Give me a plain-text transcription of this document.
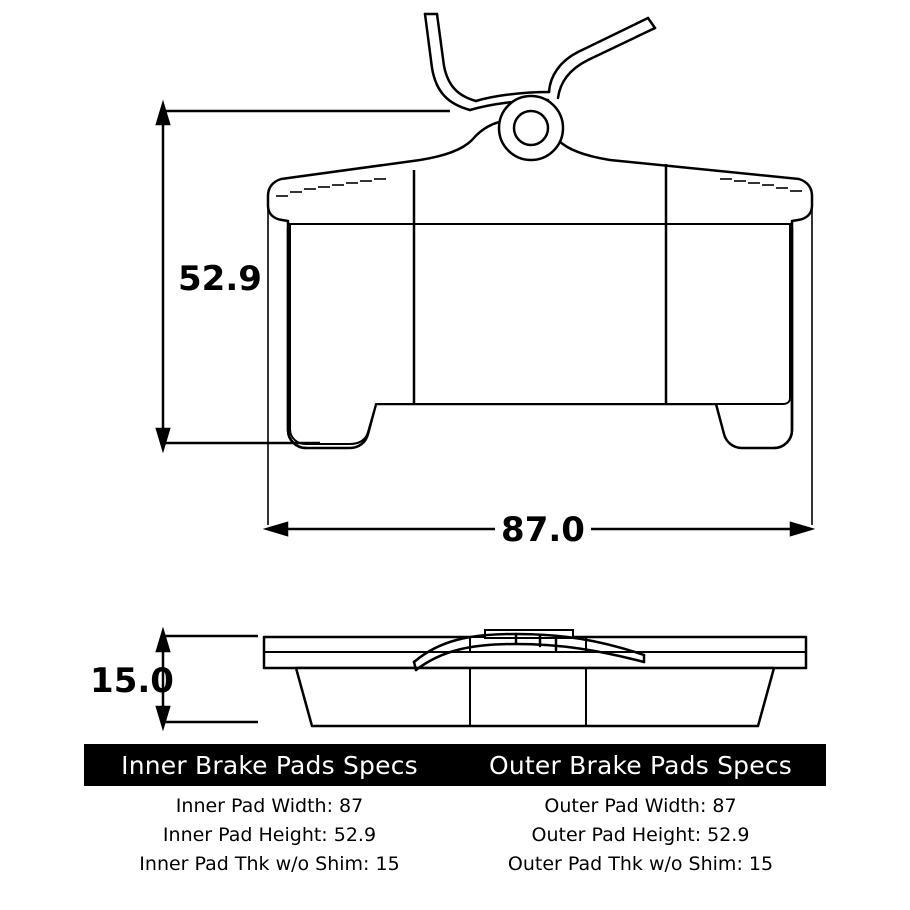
52.9
87.0
15.0
Inner Brake Pads Specs	Outer Brake Pads Specs
Inner Pad Width: 87
Inner Pad Height: 52.9
Inner Pad Thk w/o Shim: 15
Outer Pad Width: 87
Outer Pad Height: 52.9
Outer Pad Thk w/o Shim: 15
